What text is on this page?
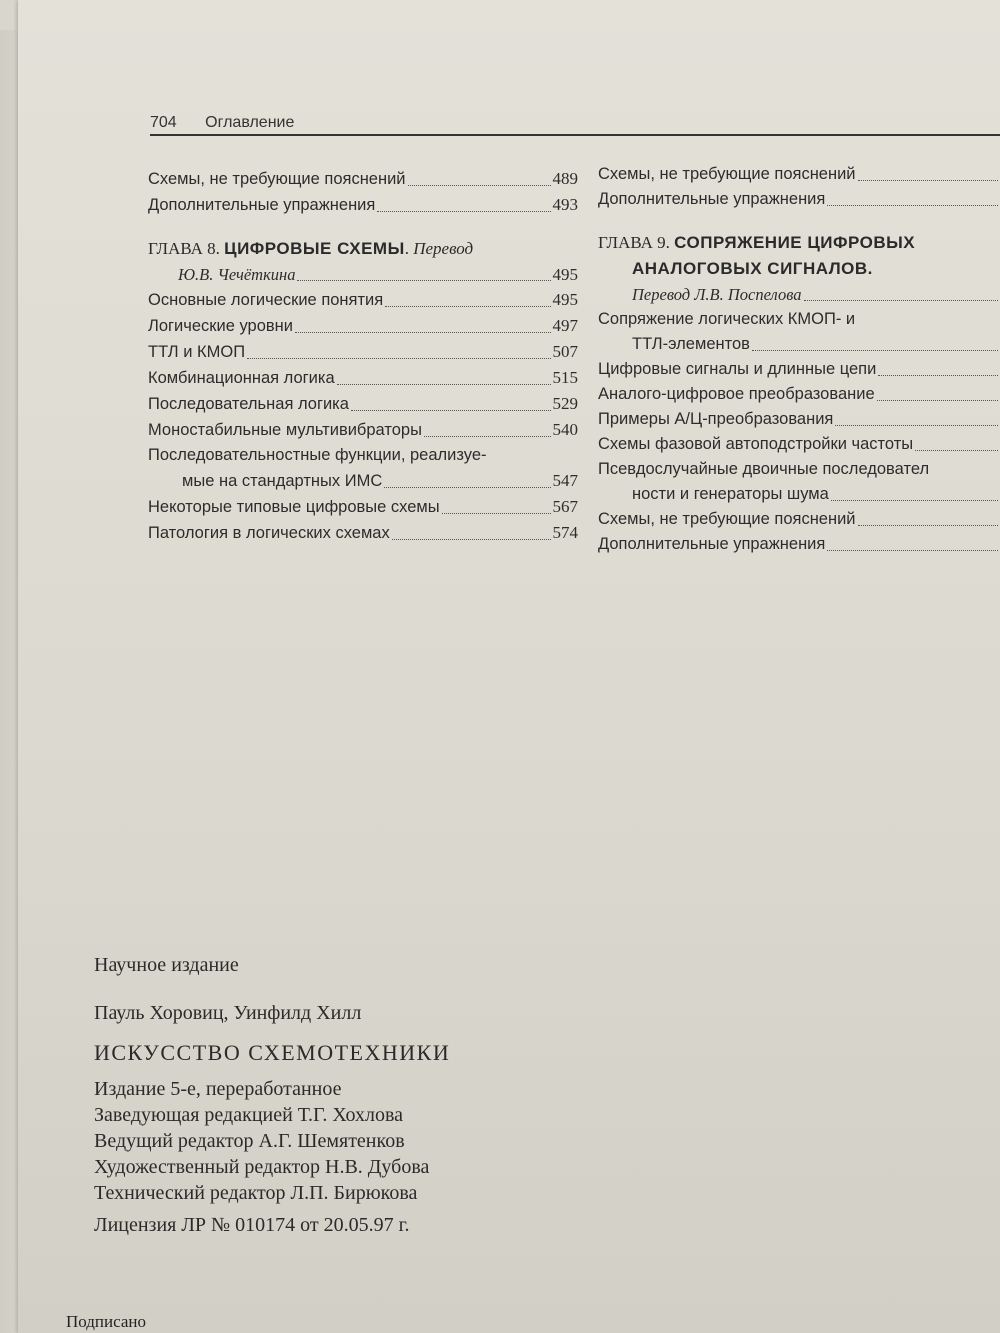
704 Оглавление
Схемы, не требующие пояснений	489
Дополнительные упражнения	493
ГЛАВА 8. ЦИФРОВЫЕ СХЕМЫ. Перевод
Ю.В. Чечёткина	495
Основные логические понятия	495
Логические уровни	497
ТТЛ и КМОП	507
Комбинационная логика	515
Последовательная логика	529
Моностабильные мультивибраторы	540
Последовательностные функции, реализуе-
мые на стандартных ИМС	547
Некоторые типовые цифровые схемы	567
Патология в логических схемах	574
Схемы, не требующие пояснений
Дополнительные упражнения
ГЛАВА 9. СОПРЯЖЕНИЕ ЦИФРОВЫХ
АНАЛОГОВЫХ СИГНАЛОВ.
Перевод Л.В. Поспелова
Сопряжение логических КМОП- и
ТТЛ-элементов
Цифровые сигналы и длинные цепи
Аналого-цифровое преобразование
Примеры А/Ц-преобразования
Схемы фазовой автоподстройки частоты
Псевдослучайные двоичные последовател
ности и генераторы шума
Схемы, не требующие пояснений
Дополнительные упражнения
Научное издание
Пауль Хоровиц, Уинфилд Хилл
ИСКУССТВО СХЕМОТЕХНИКИ
Издание 5-е, переработанное
Заведующая редакцией Т.Г. Хохлова
Ведущий редактор А.Г. Шемятенков
Художественный редактор Н.В. Дубова
Технический редактор Л.П. Бирюкова
Лицензия ЛР № 010174 от 20.05.97 г.
Подписано
